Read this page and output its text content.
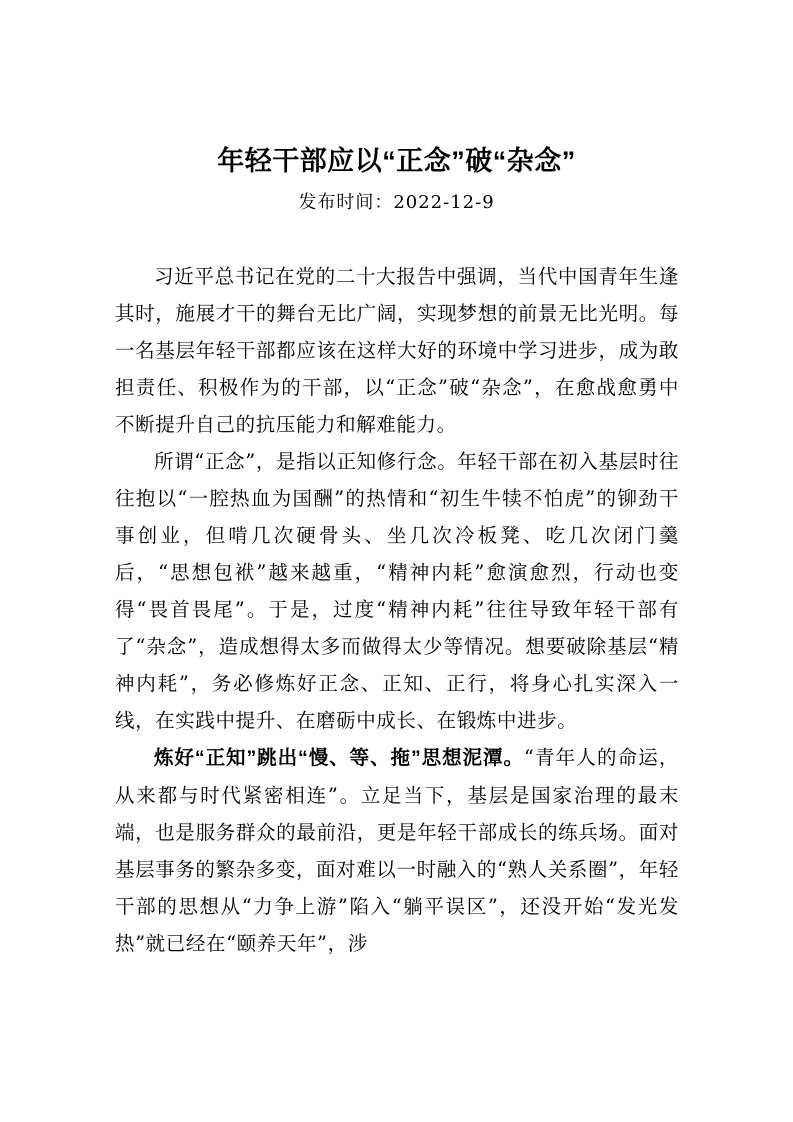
年轻干部应以“正念”破“杂念”
发布时间：2022-12-9

习近平总书记在党的二十大报告中强调，当代中国青年生逢其时，施展才干的舞台无比广阔，实现梦想的前景无比光明。每一名基层年轻干部都应该在这样大好的环境中学习进步，成为敢担责任、积极作为的干部，以“正念”破“杂念”，在愈战愈勇中不断提升自己的抗压能力和解难能力。

所谓“正念”，是指以正知修行念。年轻干部在初入基层时往往抱以“一腔热血为国酬”的热情和“初生牛犊不怕虎”的铆劲干事创业，但啃几次硬骨头、坐几次冷板凳、吃几次闭门羹后，“思想包袱”越来越重，“精神内耗”愈演愈烈，行动也变得“畏首畏尾”。于是，过度“精神内耗”往往导致年轻干部有了“杂念”，造成想得太多而做得太少等情况。想要破除基层“精神内耗”，务必修炼好正念、正知、正行，将身心扎实深入一线，在实践中提升、在磨砺中成长、在锻炼中进步。

炼好“正知”跳出“慢、等、拖”思想泥潭。“青年人的命运，从来都与时代紧密相连”。立足当下，基层是国家治理的最末端，也是服务群众的最前沿，更是年轻干部成长的练兵场。面对基层事务的繁杂多变，面对难以一时融入的“熟人关系圈”，年轻干部的思想从“力争上游”陷入“躺平误区”，还没开始“发光发热”就已经在“颐养天年”，涉
